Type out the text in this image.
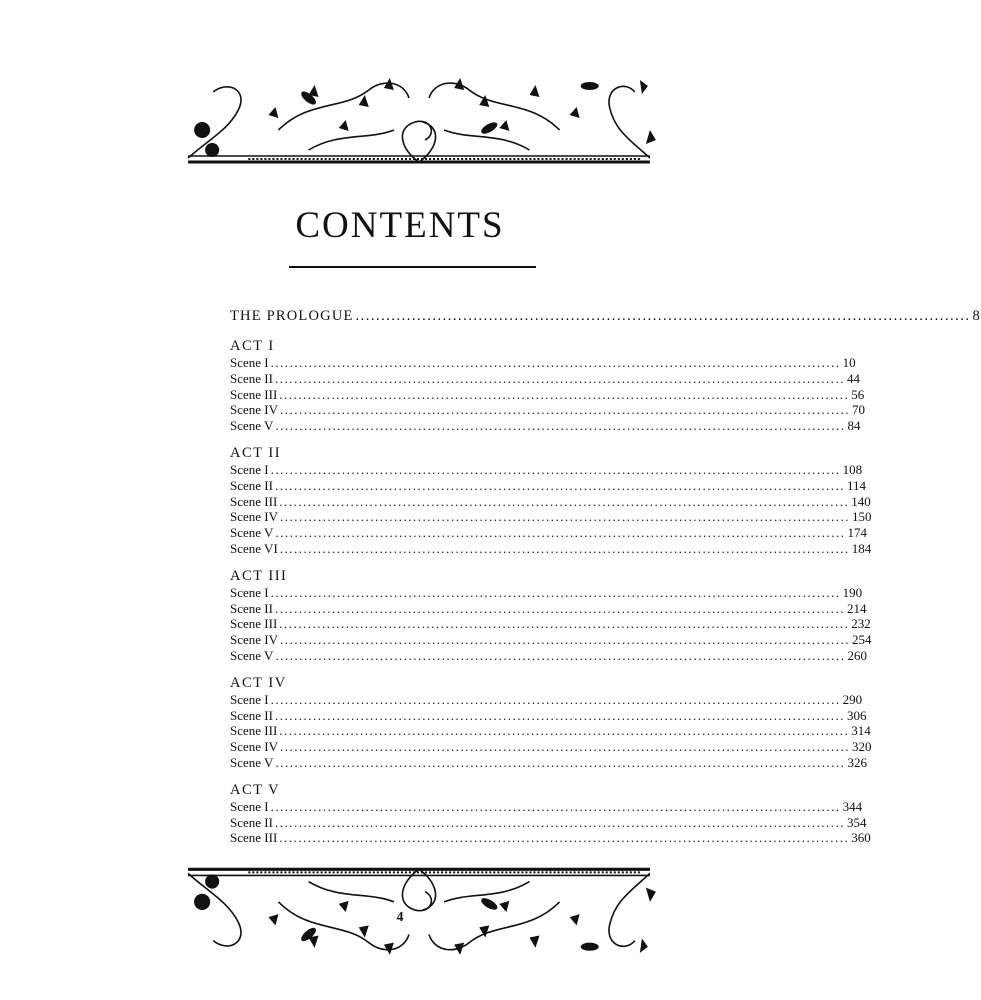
CONTENTS
THE PROLOGUE ........................................................................................................................ 8
ACT I
Scene I ........................................................................................................................ 10
Scene II ........................................................................................................................ 44
Scene III ........................................................................................................................ 56
Scene IV ........................................................................................................................ 70
Scene V ........................................................................................................................ 84
ACT II
Scene I ........................................................................................................................ 108
Scene II ........................................................................................................................ 114
Scene III ........................................................................................................................ 140
Scene IV ........................................................................................................................ 150
Scene V ........................................................................................................................ 174
Scene VI ........................................................................................................................ 184
ACT III
Scene I ........................................................................................................................ 190
Scene II ........................................................................................................................ 214
Scene III ........................................................................................................................ 232
Scene IV ........................................................................................................................ 254
Scene V ........................................................................................................................ 260
ACT IV
Scene I ........................................................................................................................ 290
Scene II ........................................................................................................................ 306
Scene III ........................................................................................................................ 314
Scene IV ........................................................................................................................ 320
Scene V ........................................................................................................................ 326
ACT V
Scene I ........................................................................................................................ 344
Scene II ........................................................................................................................ 354
Scene III ........................................................................................................................ 360
4
